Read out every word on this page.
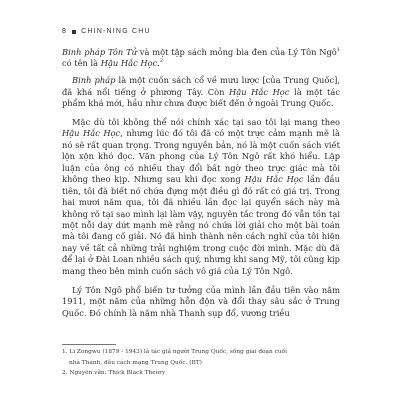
8 CHIN-NING CHU

Binh pháp Tôn Tử và một tập sách mỏng bìa đen của Lý Tôn Ngô$^1$ có tên là Hậu Hắc Học.$^2$

Binh pháp là một cuốn sách cổ về mưu lược [của Trung Quốc], đã khá nổi tiếng ở phương Tây. Còn Hậu Hắc Học là một tác phẩm khá mới, hầu như chưa được biết đến ở ngoài Trung Quốc.

Mặc dù tôi không thể nói chính xác tại sao tôi lại mang theo Hậu Hắc Học, nhưng lúc đó tôi đã có một trực cảm mạnh mẽ là nó sẽ rất quan trọng. Trong nguyên bản, nó là một cuốn sách viết lộn xộn khó đọc. Văn phong của Lý Tôn Ngô rất khó hiểu. Lập luận của ông có nhiều thay đổi bất ngờ theo trực giác mà tôi không theo kịp. Nhưng sau khi đọc xong Hậu Hắc Học lần đầu tiên, tôi đã biết nó chứa đựng một điều gì đó rất có giá trị. Trong hai mươi năm qua, tôi đã nhiều lần đọc lại quyển sách này mà không rõ tại sao mình lại làm vậy, nguyên tắc trong đó vẫn tồn tại một nỗi day dứt mạnh mẽ rằng nó chứa lời giải cho một bài toán mà tôi đang cố giải. Nó đã hình thành nên cách nghĩ của tôi hiện nay về tất cả những trải nghiệm trong cuộc đời mình. Mặc dù đã để lại ở Đài Loan nhiều sách quý, nhưng khi sang Mỹ, tôi cũng kịp mang theo bên mình cuốn sách vô giá của Lý Tôn Ngô.

Lý Tôn Ngô phổ biến tư tưởng của mình lần đầu tiên vào năm 1911, một năm của những hỗn độn và đổi thay sâu sắc ở Trung Quốc. Đó chính là năm nhà Thanh sụp đổ, vương triều

1. Li Zongwu (1879 - 1943) là tác giả người Trung Quốc, sống giai đoạn cuối
nhà Thanh, đầu cách mạng Trung Quốc. (BT)
2. Nguyên văn: Thick Black Theory
